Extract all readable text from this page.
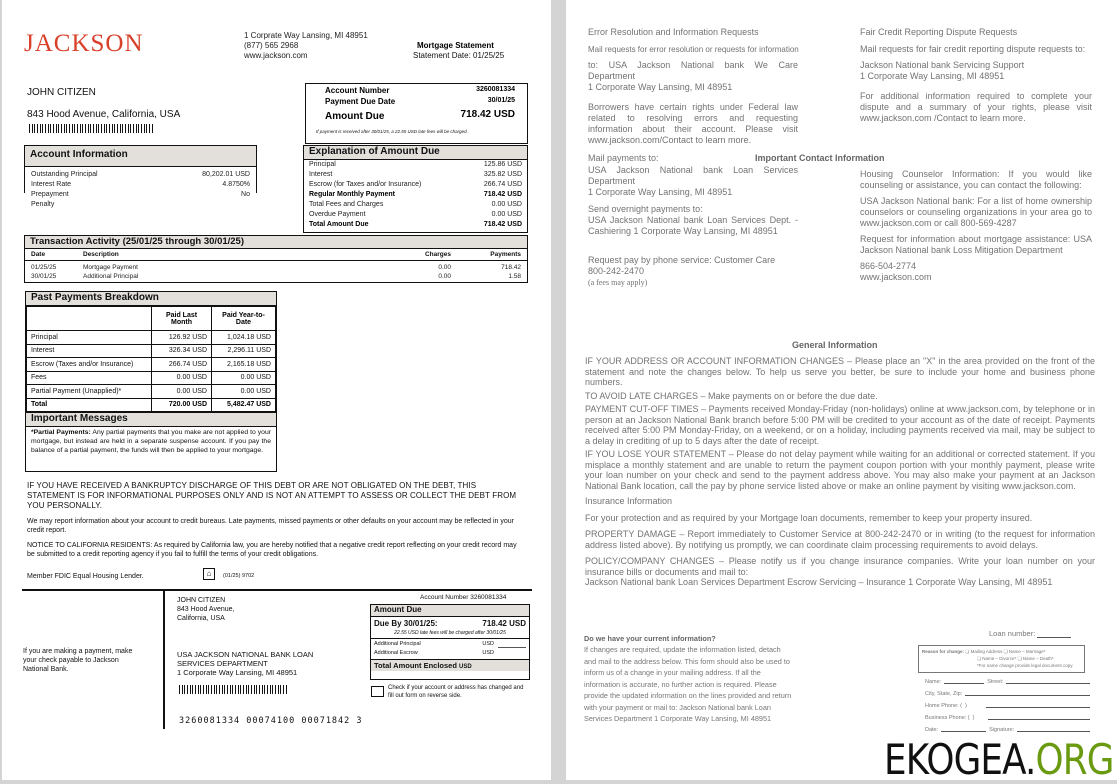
JACKSON	1 Corprate Way Lansing, MI 48951
(877) 565 2968
www.jackson.com
Mortgage Statement
Statement Date: 01/25/25
JOHN CITIZEN
843 Hood Avenue, California, USA
Account Number	3260081334
Payment Due Date	30/01/25
Amount Due	718.42 USD
If payment is received after 30/01/25, a 22.55 USD late fees will be charged.
Account Information
Outstanding Principal	80,202.01 USD
Interest Rate	4.8750%
Prepayment	No
Penalty
Explanation of Amount Due
Principal	125.86 USD
Interest	325.82 USD
Escrow (for Taxes and/or Insurance)	266.74 USD
Regular Monthly Payment	718.42 USD
Total Fees and Charges	0.00 USD
Overdue Payment	0.00 USD
Total Amount Due	718.42 USD
Transaction Activity (25/01/25 through 30/01/25)
Date	Description	Charges	Payments
01/25/25	Mortgage Payment	0.00	718.42
30/01/25	Additional Principal	0.00	1.58
Past Payments Breakdown
	Paid Last Month	Paid Year-to-Date
Principal	126.92 USD	1,024.18 USD
Interest	326.34 USD	2,296.11 USD
Escrow (Taxes and/or Insurance)	266.74 USD	2,165.18 USD
Fees	0.00 USD	0.00 USD
Partial Payment (Unapplied)*	0.00 USD	0.00 USD
Total	720.00 USD	5,482.47 USD
Important Messages
*Partial Payments: Any partial payments that you make are not applied to your mortgage, but instead are held in a separate suspense account. If you pay the balance of a partial payment, the funds will then be applied to your mortgage.
IF YOU HAVE RECEIVED A BANKRUPTCY DISCHARGE OF THIS DEBT OR ARE NOT OBLIGATED ON THE DEBT, THIS STATEMENT IS FOR INFORMATIONAL PURPOSES ONLY AND IS NOT AN ATTEMPT TO ASSESS OR COLLECT THE DEBT FROM YOU PERSONALLY.
We may report information about your account to credit bureaus. Late payments, missed payments or other defaults on your account may be reflected in your credit report.
NOTICE TO CALIFORNIA RESIDENTS: As required by California law, you are hereby notified that a negative credit report reflecting on your credit record may be submitted to a credit reporting agency if you fail to fulfill the terms of your credit obligations.
Member FDIC Equal Housing Lender.	⌂	(01/25) 9702
If you are making a payment, make your check payable to Jackson National Bank.
JOHN CITIZEN
843 Hood Avenue,
California, USA
USA JACKSON NATIONAL BANK LOAN
SERVICES DEPARTMENT
1 Corporate Way Lansing, MI 48951
3260081334 00074100 00071842 3
Account Number 3260081334
Amount Due
Due By 30/01/25:	718.42 USD
22.55 USD late fees will be charged after 30/01/25
Additional Principal	USD
Additional Escrow	USD
Total Amount Enclosed USD
Check if your account or address has changed and fill out form on reverse side.
Error Resolution and Information Requests
Mail requests for error resolution or requests for information
to: USA Jackson National bank We Care Department
1 Corporate Way Lansing, MI 48951
Borrowers have certain rights under Federal law related to resolving errors and requesting information about their account. Please visit www.jackson.com/Contact to learn more.
Fair Credit Reporting Dispute Requests
Mail requests for fair credit reporting dispute requests to:
Jackson National bank Servicing Support
1 Corporate Way Lansing, MI 48951
For additional information required to complete your dispute and a summary of your rights, please visit www.jackson.com /Contact to learn more.
Important Contact Information
Mail payments to:
USA Jackson National bank Loan Services Department
1 Corporate Way Lansing, MI 48951
Send overnight payments to:
USA Jackson National bank Loan Services Dept. - Cashiering 1 Corporate Way Lansing, MI 48951
Request pay by phone service: Customer Care
800-242-2470
(a fees may apply)
Housing Counselor Information: If you would like counseling or assistance, you can contact the following:
USA Jackson National bank: For a list of home ownership counselors or counseling organizations in your area go to www.jackson.com or call 800-569-4287
Request for information about mortgage assistance: USA Jackson National bank Loss Mitigation Department
866-504-2774
www.jackson.com
General Information
IF YOUR ADDRESS OR ACCOUNT INFORMATION CHANGES – Please place an "X" in the area provided on the front of the statement and note the changes below. To help us serve you better, be sure to include your home and business phone numbers.
TO AVOID LATE CHARGES – Make payments on or before the due date.
PAYMENT CUT-OFF TIMES – Payments received Monday-Friday (non-holidays) online at www.jackson.com, by telephone or in person at an Jackson National Bank branch before 5:00 PM will be credited to your account as of the date of receipt. Payments received after 5:00 PM Monday-Friday, on a weekend, or on a holiday, including payments received via mail, may be subject to a delay in crediting of up to 5 days after the date of receipt.
IF YOU LOSE YOUR STATEMENT – Please do not delay payment while waiting for an additional or corrected statement. If you misplace a monthly statement and are unable to return the payment coupon portion with your monthly payment, please write your loan number on your check and send to the payment address above. You may also make your payment at an Jackson National Bank location, call the pay by phone service listed above or make an online payment by visiting www.jackson.com.
Insurance Information
For your protection and as required by your Mortgage loan documents, remember to keep your property insured.
PROPERTY DAMAGE – Report immediately to Customer Service at 800-242-2470 or in writing (to the request for information address listed above). By notifying us promptly, we can coordinate claim processing requirements to avoid delays.
POLICY/COMPANY CHANGES – Please notify us if you change insurance companies. Write your loan number on your insurance bills or documents and mail to:
Jackson National bank Loan Services Department Escrow Servicing – Insurance 1 Corporate Way Lansing, MI 48951
Do we have your current information?
If changes are required, update the information listed, detach and mail to the address below. This form should also be used to inform us of a change in your mailing address. If all the information is accurate, no further action is required. Please provide the updated information on the lines provided and return with your payment or mail to: Jackson National bank Loan Services Department 1 Corporate Way Lansing, MI 48951
Loan number:
Reason for change: ❏ Mailing Address ❏ Name – Marriage*
❏ Name – Divorce* ❏ Name – Death*
*For name change provide legal document copy.
Name:	Street:
City, State, Zip:
Home Phone: ( )
Business Phone: ( )
Date:	Signature:
EKOGEA.ORG
